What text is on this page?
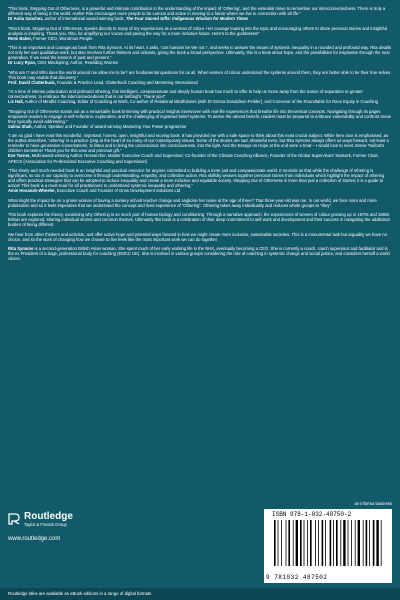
“This book, Stepping Out of Otherness, is a powerful and intimate contribution to the understanding of the impact of ‘Othering’, and the essential move to remember our interconnectedness. There is truly a different way of being in the world. Author Rita encourages more people to be curious and active in moving to a future where we live in connection with all life.”

Dr Anita Sanchez, author of international award-winning book, The Four Sacred Gifts: Indigenous Wisdom for Modern Times

“Rita’s book, Stepping Out of Otherness, speaks directly to many of my experiences as a woman of colour. Her courage leaning into the topic and encouraging others to share personal stories and insightful analysis is inspiring. Thank you, Rita, for amplifying our voices and paving the way for a more inclusive future. Here’s to the goddesses!”

Remi Baker, Former CEO, Wondrous People

“This is an important and courageous book from Rita Symons. At its heart, it asks, ‘can humans be We not I’, and seeks to answer the issues of systemic inequality in a rounded and profound way. Rita details not only her own qualitative work, but also involves further thinkers and activists, giving the book a broad perspective. Ultimately, this is a book about hope, and the possibilities for inspiration through the next generation. If we need the lessons of past and present.”

Dr Lucy Ryan, CEO Mindspring; Author, Rewilding Women

“Who am I? and Who does the world around me allow me to be? are fundamental questions for us all. When women of colour understand the systems around them, they are better able to be their true selves. This book may enable that discovery.”

Prof. David Clutterbuck, Founder & Practice Lead, Clutterbuck Coaching and Mentoring International

“At a time of intense polarization and profound othering, this intelligent, compassionate and deeply human book has much to offer to help us move away from the trance of separation to greater connectedness, to embrace the interconnectedness that is our birthright. Thank you!”

Liz Hall, Author of Mindful Coaching, Editor of Coaching at Work, Co-author of Relational Mindfulness (with Dr Emma Donaldson-Feilder), and Convenor of the Roundtable for Race Equity in Coaching

“Stepping Out of Otherness stands out as a remarkable book brimming with practical insights interwoven with real-life experiences that breathe life into theoretical concepts. Navigating through its pages empowers readers to engage in self-reflection, exploration, and the challenging of ingrained belief systems. To derive the utmost benefit, readers must be prepared to embrace vulnerability and confront areas they typically avoid addressing.”

Salma Shah, Author, Speaker and Founder of award-winning Mastering Your Power programme

“I am so glad I have read this wonderful, important, honest, open, insightful and moving book. It has provided me with a safe space to think about this most crucial subject. While here race is emphasised, as the author describes, ‘othering’ is a practice lying at the heart of so many of our contemporary issues. Some of the stories are sad, shameful even, but Rita Symons always offers us ways forward, not least a reminder to have generative conversations, to listen and to bring the unconscious into consciousness, into the light. And the Essays on Hope at the end were a treat – I would love to meet Jennie Twiford’s children sometime! Thank you for this wise and precious gift.”

Eve Turner, Multi-award-winning Author, Researcher, Master Executive Coach and Supervisor; Co-founder of the Climate Coaching Alliance, Founder of the Global Supervisors’ Network, Former Chair, APECS (Association for Professional Executive Coaching and Supervision)

“This timely and much-needed book is an insightful and practical resource for anyone committed to building a more just and compassionate world. It reminds us that while the challenge of othering is significant, so too is our capacity to overcome it through understanding, empathy, and collective action. Rita skilfully weaves together personal stories from individuals which highlight the impact of othering and offers practical strategies that can be adopted to reduce inequality and create a more inclusive and equitable society. Stepping Out of Otherness is more than just a collection of stories; it is a guide to action! This book is a must-read for all practitioners to understand systemic inequality and othering.”

Amie Hosanah-Wheeler, Executive Coach and Founder of Grow Development Solutions Ltd

What might the impact be on a grown woman of having a nursery school teacher change and anglicise her name at the age of three? That three-year-old was me. In our world, we face more and more polarisation and so it feels imperative that we understand the concept and lived experience of “Othering”. Othering takes away individuality and reduces whole groups to “they”.

This book explores the theory, examining why Othering is so much part of human biology and conditioning. Through a narrative approach, the experiences of women of colour growing up in 1970s and 1980s Britain are explored, sharing individual stories and common themes. Ultimately this book is a celebration of their deep commitment to self-work and development and their success in navigating the additional burden of being different.

We hear from other thinkers and activists, and offer active hope and potential ways forward in how we might create more inclusive, sustainable societies. This is a monumental task but arguably we have no choice, and so the work of changing how we choose to live feels like the most important work we can do together.

Rita Symons is a second-generation British Asian woman. She spent much of her early working life in the NHS, eventually becoming a CEO. She is currently a coach, coach supervisor and facilitator and is the ex President of a large, professional body for coaching (EMCC UK). She is involved in various groups considering the role of coaching in systemic change and social justice, and considers herself a world citizen.

Routledge
Taylor & Francis Group
www.routledge.com
an informa business
ISBN 978-1-032-48750-2
9 781032 487502
Routledge titles are available as eBook editions in a range of digital formats
